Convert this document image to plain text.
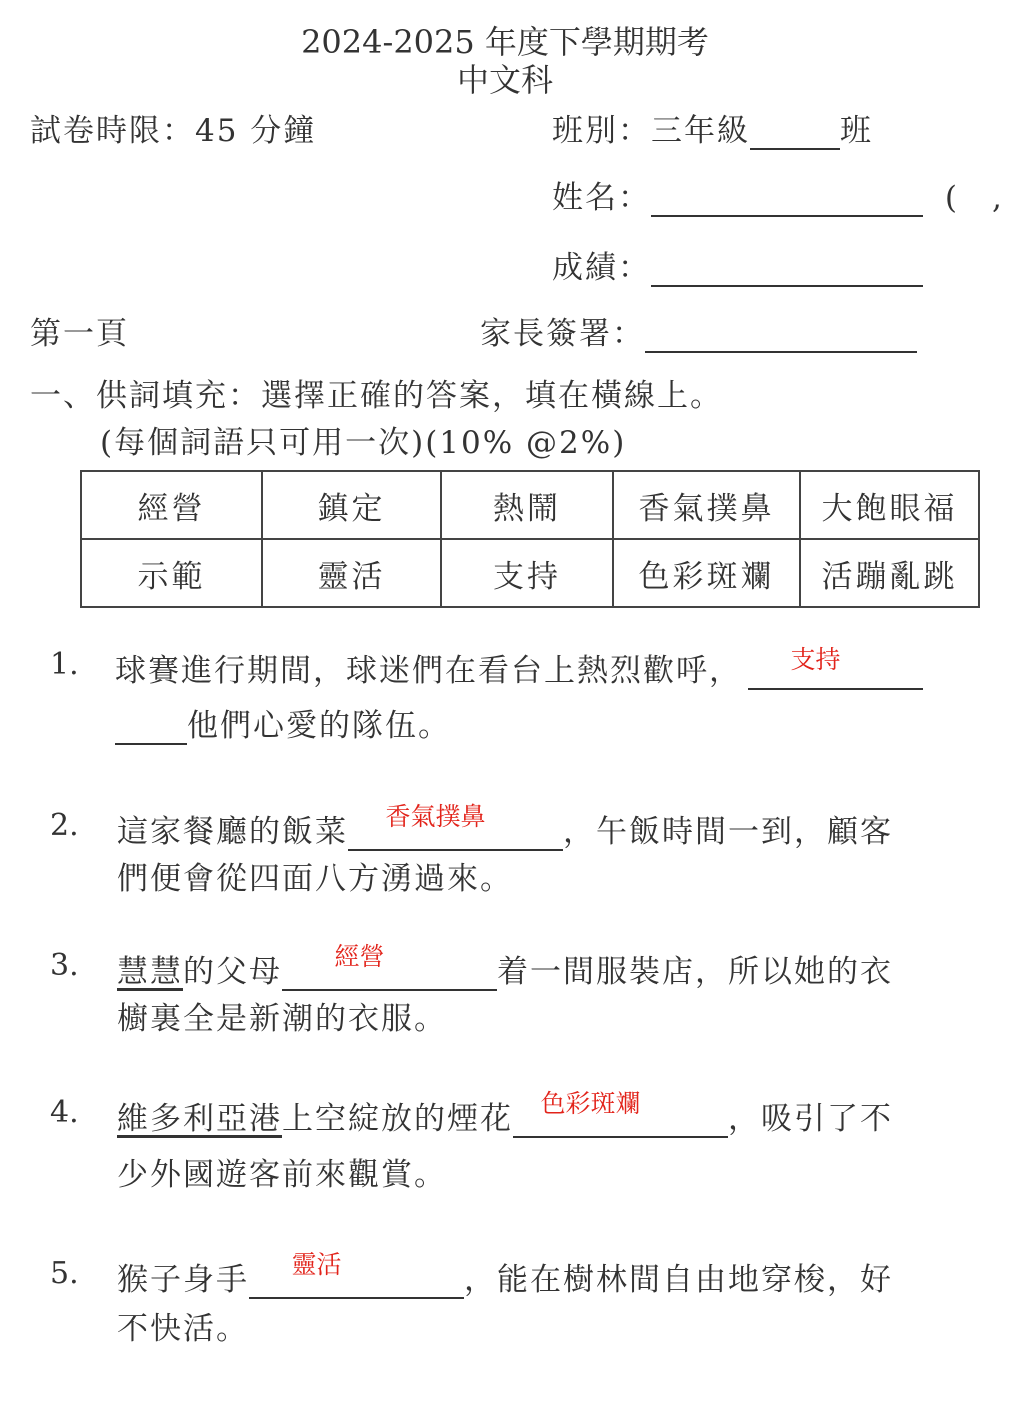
2024-2025 年度下學期期考
中文科
試卷時限：45 分鐘	班別：三年級	班
姓名：	(　,
成績：
第一頁	家長簽署：
一、供詞填充：選擇正確的答案，填在橫線上。
(每個詞語只可用一次)(10% @2%)
經營	鎮定	熱鬧	香氣撲鼻	大飽眼福
示範	靈活	支持	色彩斑斕	活蹦亂跳
1. 球賽進行期間，球迷們在看台上熱烈歡呼，	支持
他們心愛的隊伍。
2. 這家餐廳的飯菜	香氣撲鼻	，午飯時間一到，顧客
們便會從四面八方湧過來。
3. 慧慧的父母	經營	着一間服裝店，所以她的衣
櫥裏全是新潮的衣服。
4. 維多利亞港上空綻放的煙花	色彩斑斕	，吸引了不
少外國遊客前來觀賞。
5. 猴子身手	靈活	，能在樹林間自由地穿梭，好
不快活。
